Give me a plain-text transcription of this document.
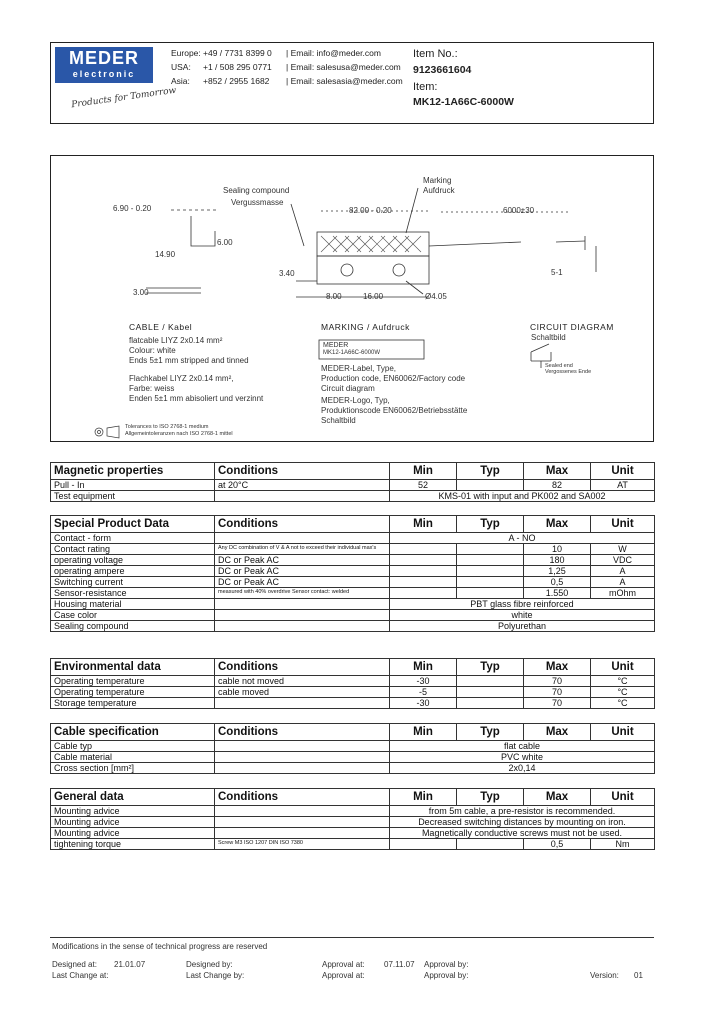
MEDER
electronic
Products for Tomorrow
Europe:
USA:
Asia:
+49 / 7731 8399 0
+1 / 508 295 0771
+852 / 2955 1682
| Email: info@meder.com
| Email: salesusa@meder.com
| Email: salesasia@meder.com
Item No.:
9123661604
Item:
MK12-1A66C-6000W
Sealing compound
Vergussmasse
Marking
Aufdruck
6.90 - 0.20	82.00 - 0.20	6000±30
14.90
6.00
3.40
3.00	8.00	16.00	Ø4.05
5-1
CABLE / Kabel
flatcable LIYZ 2x0.14 mm²
Colour: white
Ends 5±1 mm stripped and tinned
Flachkabel LIYZ 2x0.14 mm²,
Farbe: weiss
Enden 5±1 mm abisoliert und verzinnt
MARKING / Aufdruck
MEDER
MK12-1A66C-6000W
MEDER-Label, Type,
Production code, EN60062/Factory code
Circuit diagram
MEDER-Logo, Typ,
Produktionscode EN60062/Betriebsstätte
Schaltbild
CIRCUIT DIAGRAM
Schaltbild
Sealed end
Vergossenes Ende
Tolerances to ISO 2768-1 medium
Allgemeintoleranzen nach ISO 2768-1 mittel
Magnetic properties	Conditions	Min	Typ	Max	Unit
Pull - In	at 20°C	52		82	AT
Test equipment		KMS-01 with input and PK002 and SA002			
Special Product Data	Conditions	Min	Typ	Max	Unit
Contact - form		A - NO			
Contact rating	Any DC combination of V & A not to exceed their individual max's			10	W
operating voltage	DC or Peak AC			180	VDC
operating ampere	DC or Peak AC			1,25	A
Switching current	DC or Peak AC			0,5	A
Sensor-resistance	measured with 40% overdrive Sensor contact: welded			1.550	mOhm
Housing material		PBT glass fibre reinforced			
Case color		white			
Sealing compound		Polyurethan			
Environmental data	Conditions	Min	Typ	Max	Unit
Operating temperature	cable not moved	-30		70	°C
Operating temperature	cable moved	-5		70	°C
Storage temperature		-30		70	°C
Cable specification	Conditions	Min	Typ	Max	Unit
Cable typ		flat cable			
Cable material		PVC white			
Cross section [mm²]		2x0,14			
General data	Conditions	Min	Typ	Max	Unit
Mounting advice		from 5m cable, a pre-resistor is recommended.			
Mounting advice		Decreased switching distances by mounting on iron.			
Mounting advice		Magnetically conductive screws must not be used.			
tightening torque	Screw M3 ISO 1207 DIN ISO 7380			0,5	Nm
Modifications in the sense of technical progress are reserved
Designed at: 21.01.07	Designed by:	Approval at: 07.11.07 Approval by:
Last Change at:	Last Change by:	Approval at:	Approval by:	Version: 01
